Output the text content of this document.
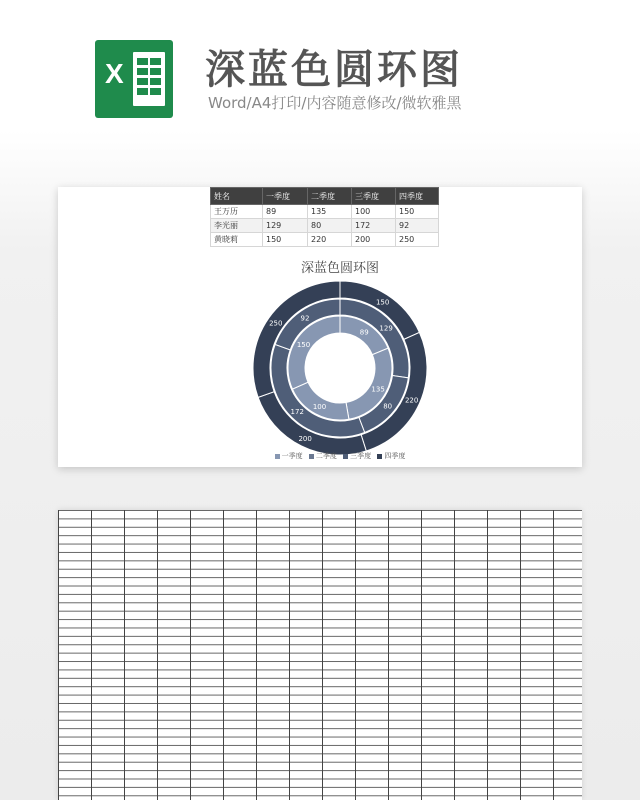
X 深蓝色圆环图
Word/A4打印/内容随意修改/微软雅黑
姓名	一季度	二季度	三季度	四季度
王万历	89	135	100	150
李光丽	129	80	172	92
黄晓莉	150	220	200	250
深蓝色圆环图
89
135
100
150
129
80
172
92
150
220
200
250
一季度 二季度 三季度 四季度
